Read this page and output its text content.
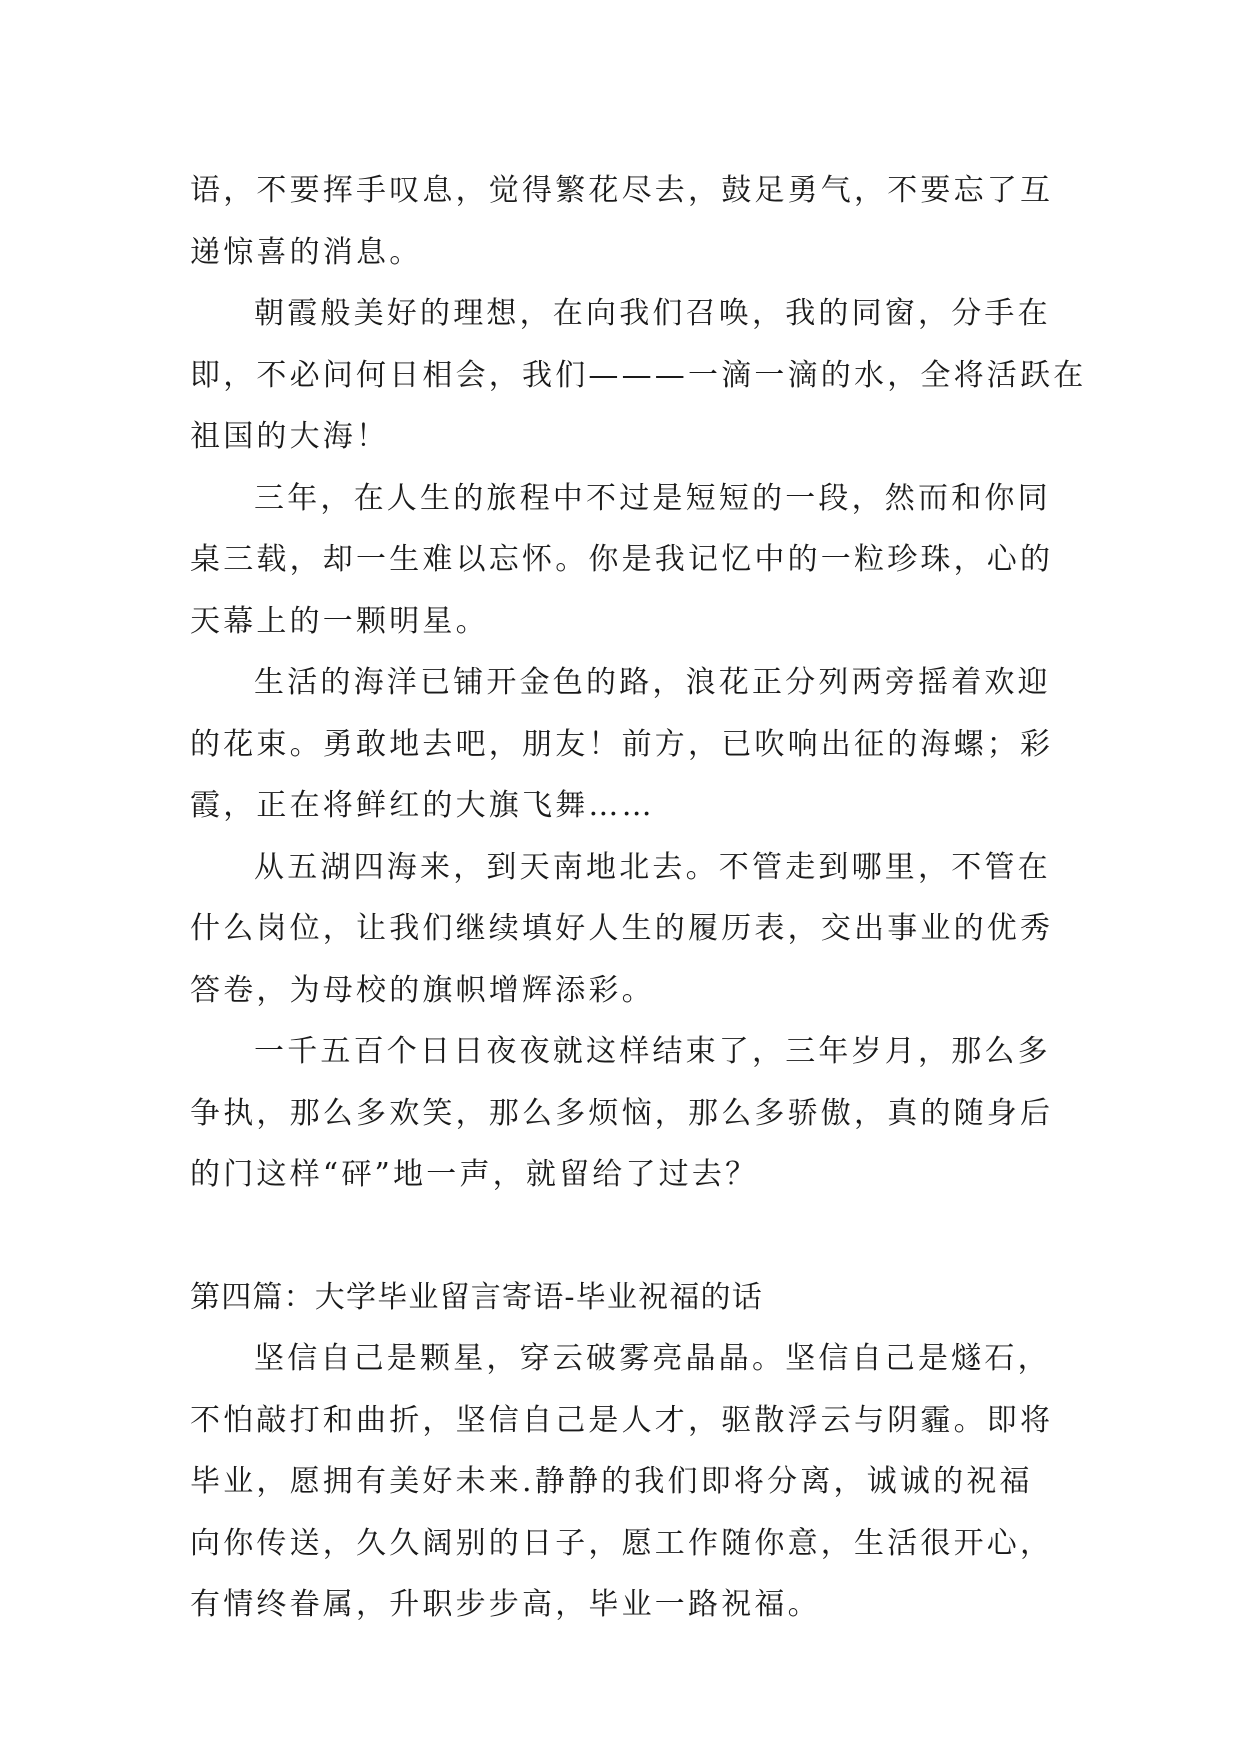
语，不要挥手叹息，觉得繁花尽去，鼓足勇气，不要忘了互
递惊喜的消息。
朝霞般美好的理想，在向我们召唤，我的同窗，分手在
即，不必问何日相会，我们———一滴一滴的水，全将活跃在
祖国的大海！
三年，在人生的旅程中不过是短短的一段，然而和你同
桌三载，却一生难以忘怀。你是我记忆中的一粒珍珠，心的
天幕上的一颗明星。
生活的海洋已铺开金色的路，浪花正分列两旁摇着欢迎
的花束。勇敢地去吧，朋友！前方，已吹响出征的海螺；彩
霞，正在将鲜红的大旗飞舞……
从五湖四海来，到天南地北去。不管走到哪里，不管在
什么岗位，让我们继续填好人生的履历表，交出事业的优秀
答卷，为母校的旗帜增辉添彩。
一千五百个日日夜夜就这样结束了，三年岁月，那么多
争执，那么多欢笑，那么多烦恼，那么多骄傲，真的随身后
的门这样“砰”地一声，就留给了过去？
第四篇：大学毕业留言寄语-毕业祝福的话
坚信自己是颗星，穿云破雾亮晶晶。坚信自己是燧石，
不怕敲打和曲折，坚信自己是人才，驱散浮云与阴霾。即将
毕业，愿拥有美好未来.静静的我们即将分离，诚诚的祝福
向你传送，久久阔别的日子，愿工作随你意，生活很开心，
有情终眷属，升职步步高，毕业一路祝福。
